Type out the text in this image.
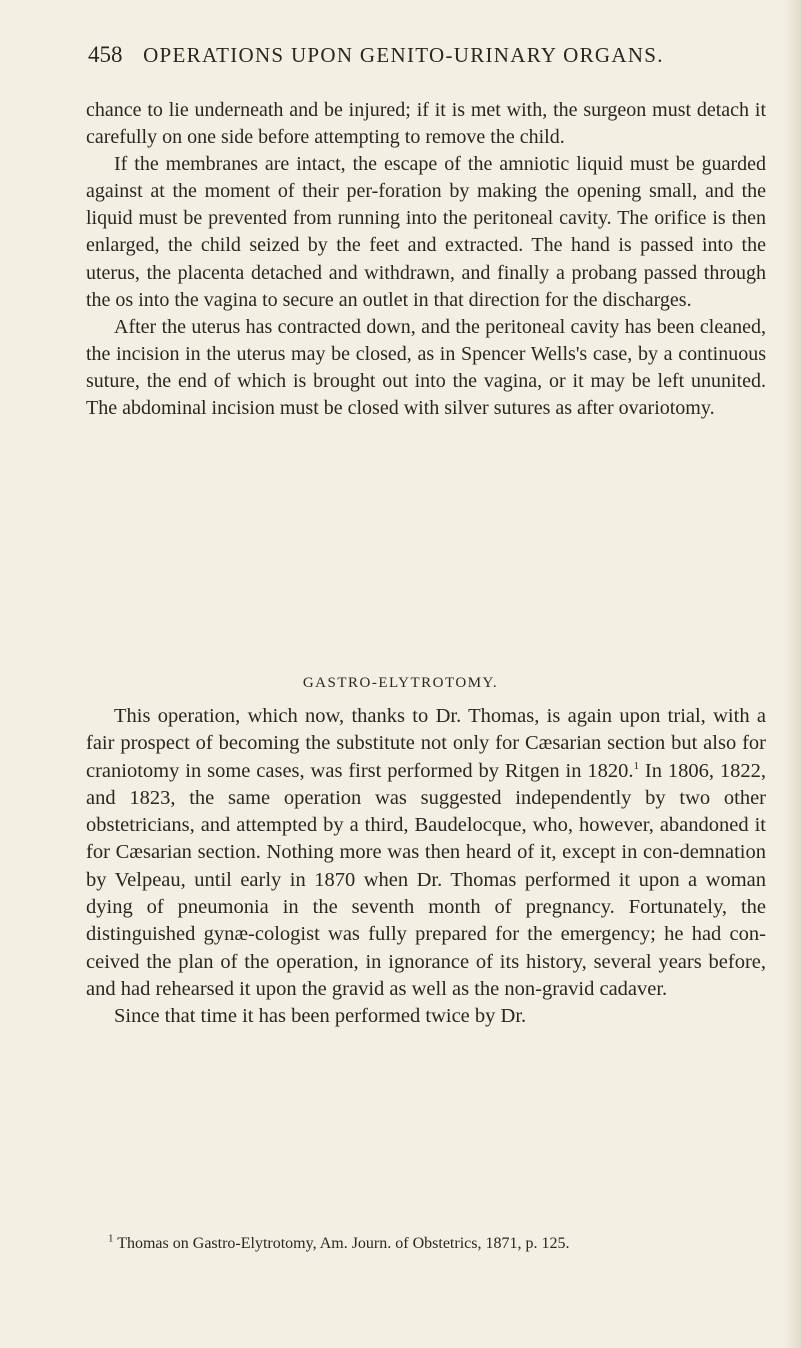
458 OPERATIONS UPON GENITO-URINARY ORGANS.

chance to lie underneath and be injured; if it is met with, the surgeon must detach it carefully on one side before attempting to remove the child.

If the membranes are intact, the escape of the amniotic liquid must be guarded against at the moment of their per-foration by making the opening small, and the liquid must be prevented from running into the peritoneal cavity. The orifice is then enlarged, the child seized by the feet and extracted. The hand is passed into the uterus, the placenta detached and withdrawn, and finally a probang passed through the os into the vagina to secure an outlet in that direction for the discharges.

After the uterus has contracted down, and the peritoneal cavity has been cleaned, the incision in the uterus may be closed, as in Spencer Wells's case, by a continuous suture, the end of which is brought out into the vagina, or it may be left ununited. The abdominal incision must be closed with silver sutures as after ovariotomy.

GASTRO-ELYTROTOMY.

This operation, which now, thanks to Dr. Thomas, is again upon trial, with a fair prospect of becoming the substitute not only for Cæsarian section but also for craniotomy in some cases, was first performed by Ritgen in 1820.$^1$ In 1806, 1822, and 1823, the same operation was suggested independently by two other obstetricians, and attempted by a third, Baudelocque, who, however, abandoned it for Cæsarian section. Nothing more was then heard of it, except in con-demnation by Velpeau, until early in 1870 when Dr. Thomas performed it upon a woman dying of pneumonia in the seventh month of pregnancy. Fortunately, the distinguished gynæ-cologist was fully prepared for the emergency; he had con-ceived the plan of the operation, in ignorance of its history, several years before, and had rehearsed it upon the gravid as well as the non-gravid cadaver.

Since that time it has been performed twice by Dr.

$^1$ Thomas on Gastro-Elytrotomy, Am. Journ. of Obstetrics, 1871, p. 125.
